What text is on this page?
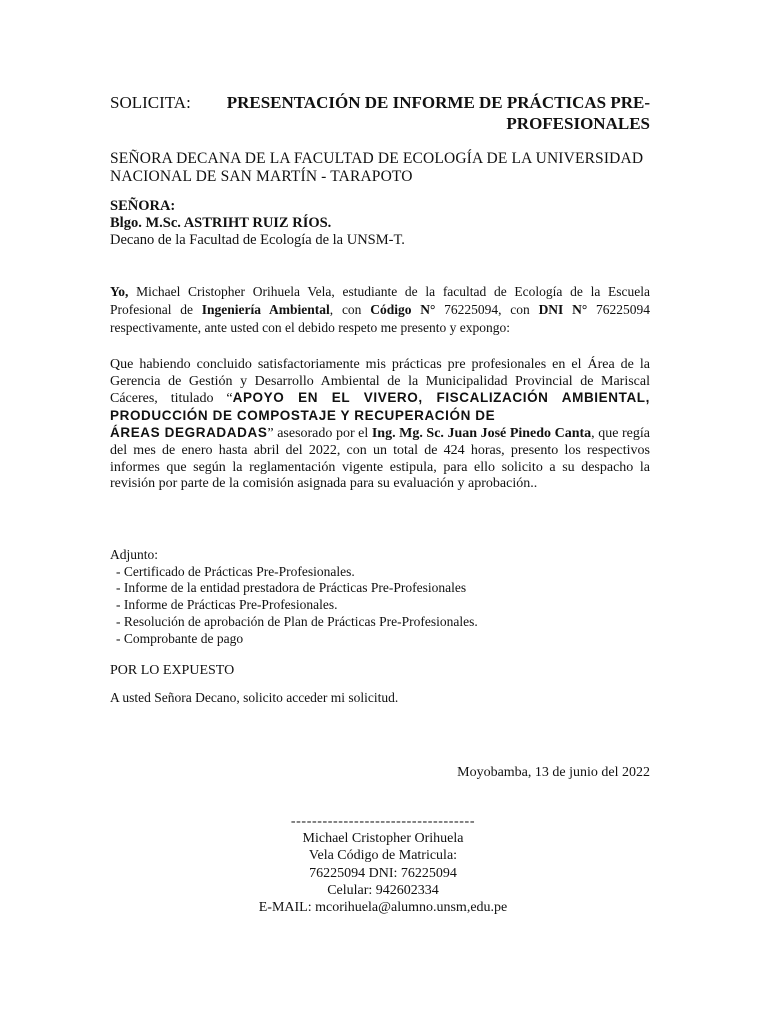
SOLICITA: PRESENTACIÓN DE INFORME DE PRÁCTICAS PRE-
PROFESIONALES
SEÑORA DECANA DE LA FACULTAD DE ECOLOGÍA DE LA UNIVERSIDAD NACIONAL DE SAN MARTÍN - TARAPOTO
SEÑORA:
Blgo. M.Sc. ASTRIHT RUIZ RÍOS.
Decano de la Facultad de Ecología de la UNSM-T.
Yo, Michael Cristopher Orihuela Vela, estudiante de la facultad de Ecología de la Escuela Profesional de Ingeniería Ambiental, con Código N° 76225094, con DNI N° 76225094 respectivamente, ante usted con el debido respeto me presento y expongo:
Que habiendo concluido satisfactoriamente mis prácticas pre profesionales en el Área de la Gerencia de Gestión y Desarrollo Ambiental de la Municipalidad Provincial de Mariscal Cáceres, titulado “APOYO EN EL VIVERO, FISCALIZACIÓN AMBIENTAL, PRODUCCIÓN DE COMPOSTAJE Y RECUPERACIÓN DE
ÁREAS DEGRADADAS” asesorado por el Ing. Mg. Sc. Juan José Pinedo Canta, que regía del mes de enero hasta abril del 2022, con un total de 424 horas, presento los respectivos informes que según la reglamentación vigente estipula, para ello solicito a su despacho la revisión por parte de la comisión asignada para su evaluación y aprobación..
Adjunto:
- Certificado de Prácticas Pre-Profesionales.
- Informe de la entidad prestadora de Prácticas Pre-Profesionales
- Informe de Prácticas Pre-Profesionales.
- Resolución de aprobación de Plan de Prácticas Pre-Profesionales.
- Comprobante de pago
POR LO EXPUESTO
A usted Señora Decano, solicito acceder mi solicitud.
Moyobamba, 13 de junio del 2022
-----------------------------------
Michael Cristopher Orihuela
Vela Código de Matricula:
76225094 DNI: 76225094
Celular: 942602334
E-MAIL: mcorihuela@alumno.unsm,edu.pe
